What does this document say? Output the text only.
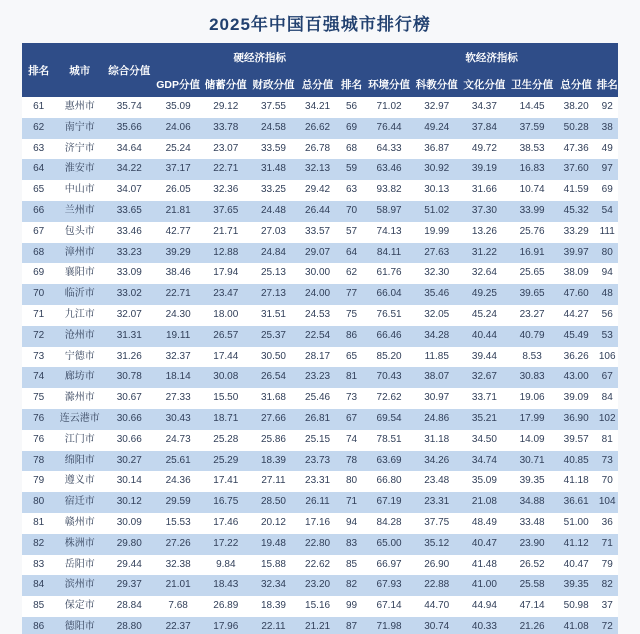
2025年中国百强城市排行榜
排名	城市	综合分值	硬经济指标					软经济指标					
			GDP分值	储蓄分值	财政分值	总分值	排名	环境分值	科教分值	文化分值	卫生分值	总分值	排名
61	惠州市	35.74	35.09	29.12	37.55	34.21	56	71.02	32.97	34.37	14.45	38.20	92
62	南宁市	35.66	24.06	33.78	24.58	26.62	69	76.44	49.24	37.84	37.59	50.28	38
63	济宁市	34.64	25.24	23.07	33.59	26.78	68	64.33	36.87	49.72	38.53	47.36	49
64	淮安市	34.22	37.17	22.71	31.48	32.13	59	63.46	30.92	39.19	16.83	37.60	97
65	中山市	34.07	26.05	32.36	33.25	29.42	63	93.82	30.13	31.66	10.74	41.59	69
66	兰州市	33.65	21.81	37.65	24.48	26.44	70	58.97	51.02	37.30	33.99	45.32	54
67	包头市	33.46	42.77	21.71	27.03	33.57	57	74.13	19.99	13.26	25.76	33.29	111
68	漳州市	33.23	39.29	12.88	24.84	29.07	64	84.11	27.63	31.22	16.91	39.97	80
69	襄阳市	33.09	38.46	17.94	25.13	30.00	62	61.76	32.30	32.64	25.65	38.09	94
70	临沂市	33.02	22.71	23.47	27.13	24.00	77	66.04	35.46	49.25	39.65	47.60	48
71	九江市	32.07	24.30	18.00	31.51	24.53	75	76.51	32.05	45.24	23.27	44.27	56
72	沧州市	31.31	19.11	26.57	25.37	22.54	86	66.46	34.28	40.44	40.79	45.49	53
73	宁德市	31.26	32.37	17.44	30.50	28.17	65	85.20	11.85	39.44	8.53	36.26	106
74	廊坊市	30.78	18.14	30.08	26.54	23.23	81	70.43	38.07	32.67	30.83	43.00	67
75	滁州市	30.67	27.33	15.50	31.68	25.46	73	72.62	30.97	33.71	19.06	39.09	84
76	连云港市	30.66	30.43	18.71	27.66	26.81	67	69.54	24.86	35.21	17.99	36.90	102
76	江门市	30.66	24.73	25.28	25.86	25.15	74	78.51	31.18	34.50	14.09	39.57	81
78	绵阳市	30.27	25.61	25.29	18.39	23.73	78	63.69	34.26	34.74	30.71	40.85	73
79	遵义市	30.14	24.36	17.41	27.11	23.31	80	66.80	23.48	35.09	39.35	41.18	70
80	宿迁市	30.12	29.59	16.75	28.50	26.11	71	67.19	23.31	21.08	34.88	36.61	104
81	赣州市	30.09	15.53	17.46	20.12	17.16	94	84.28	37.75	48.49	33.48	51.00	36
82	株洲市	29.80	27.26	17.22	19.48	22.80	83	65.00	35.12	40.47	23.90	41.12	71
83	岳阳市	29.44	32.38	9.84	15.88	22.62	85	66.97	26.90	41.48	26.52	40.47	79
84	滨州市	29.37	21.01	18.43	32.34	23.20	82	67.93	22.88	41.00	25.58	39.35	82
85	保定市	28.84	7.68	26.89	18.39	15.16	99	67.14	44.70	44.94	47.14	50.98	37
86	德阳市	28.80	22.37	17.96	22.11	21.21	87	71.98	30.74	40.33	21.26	41.08	72
